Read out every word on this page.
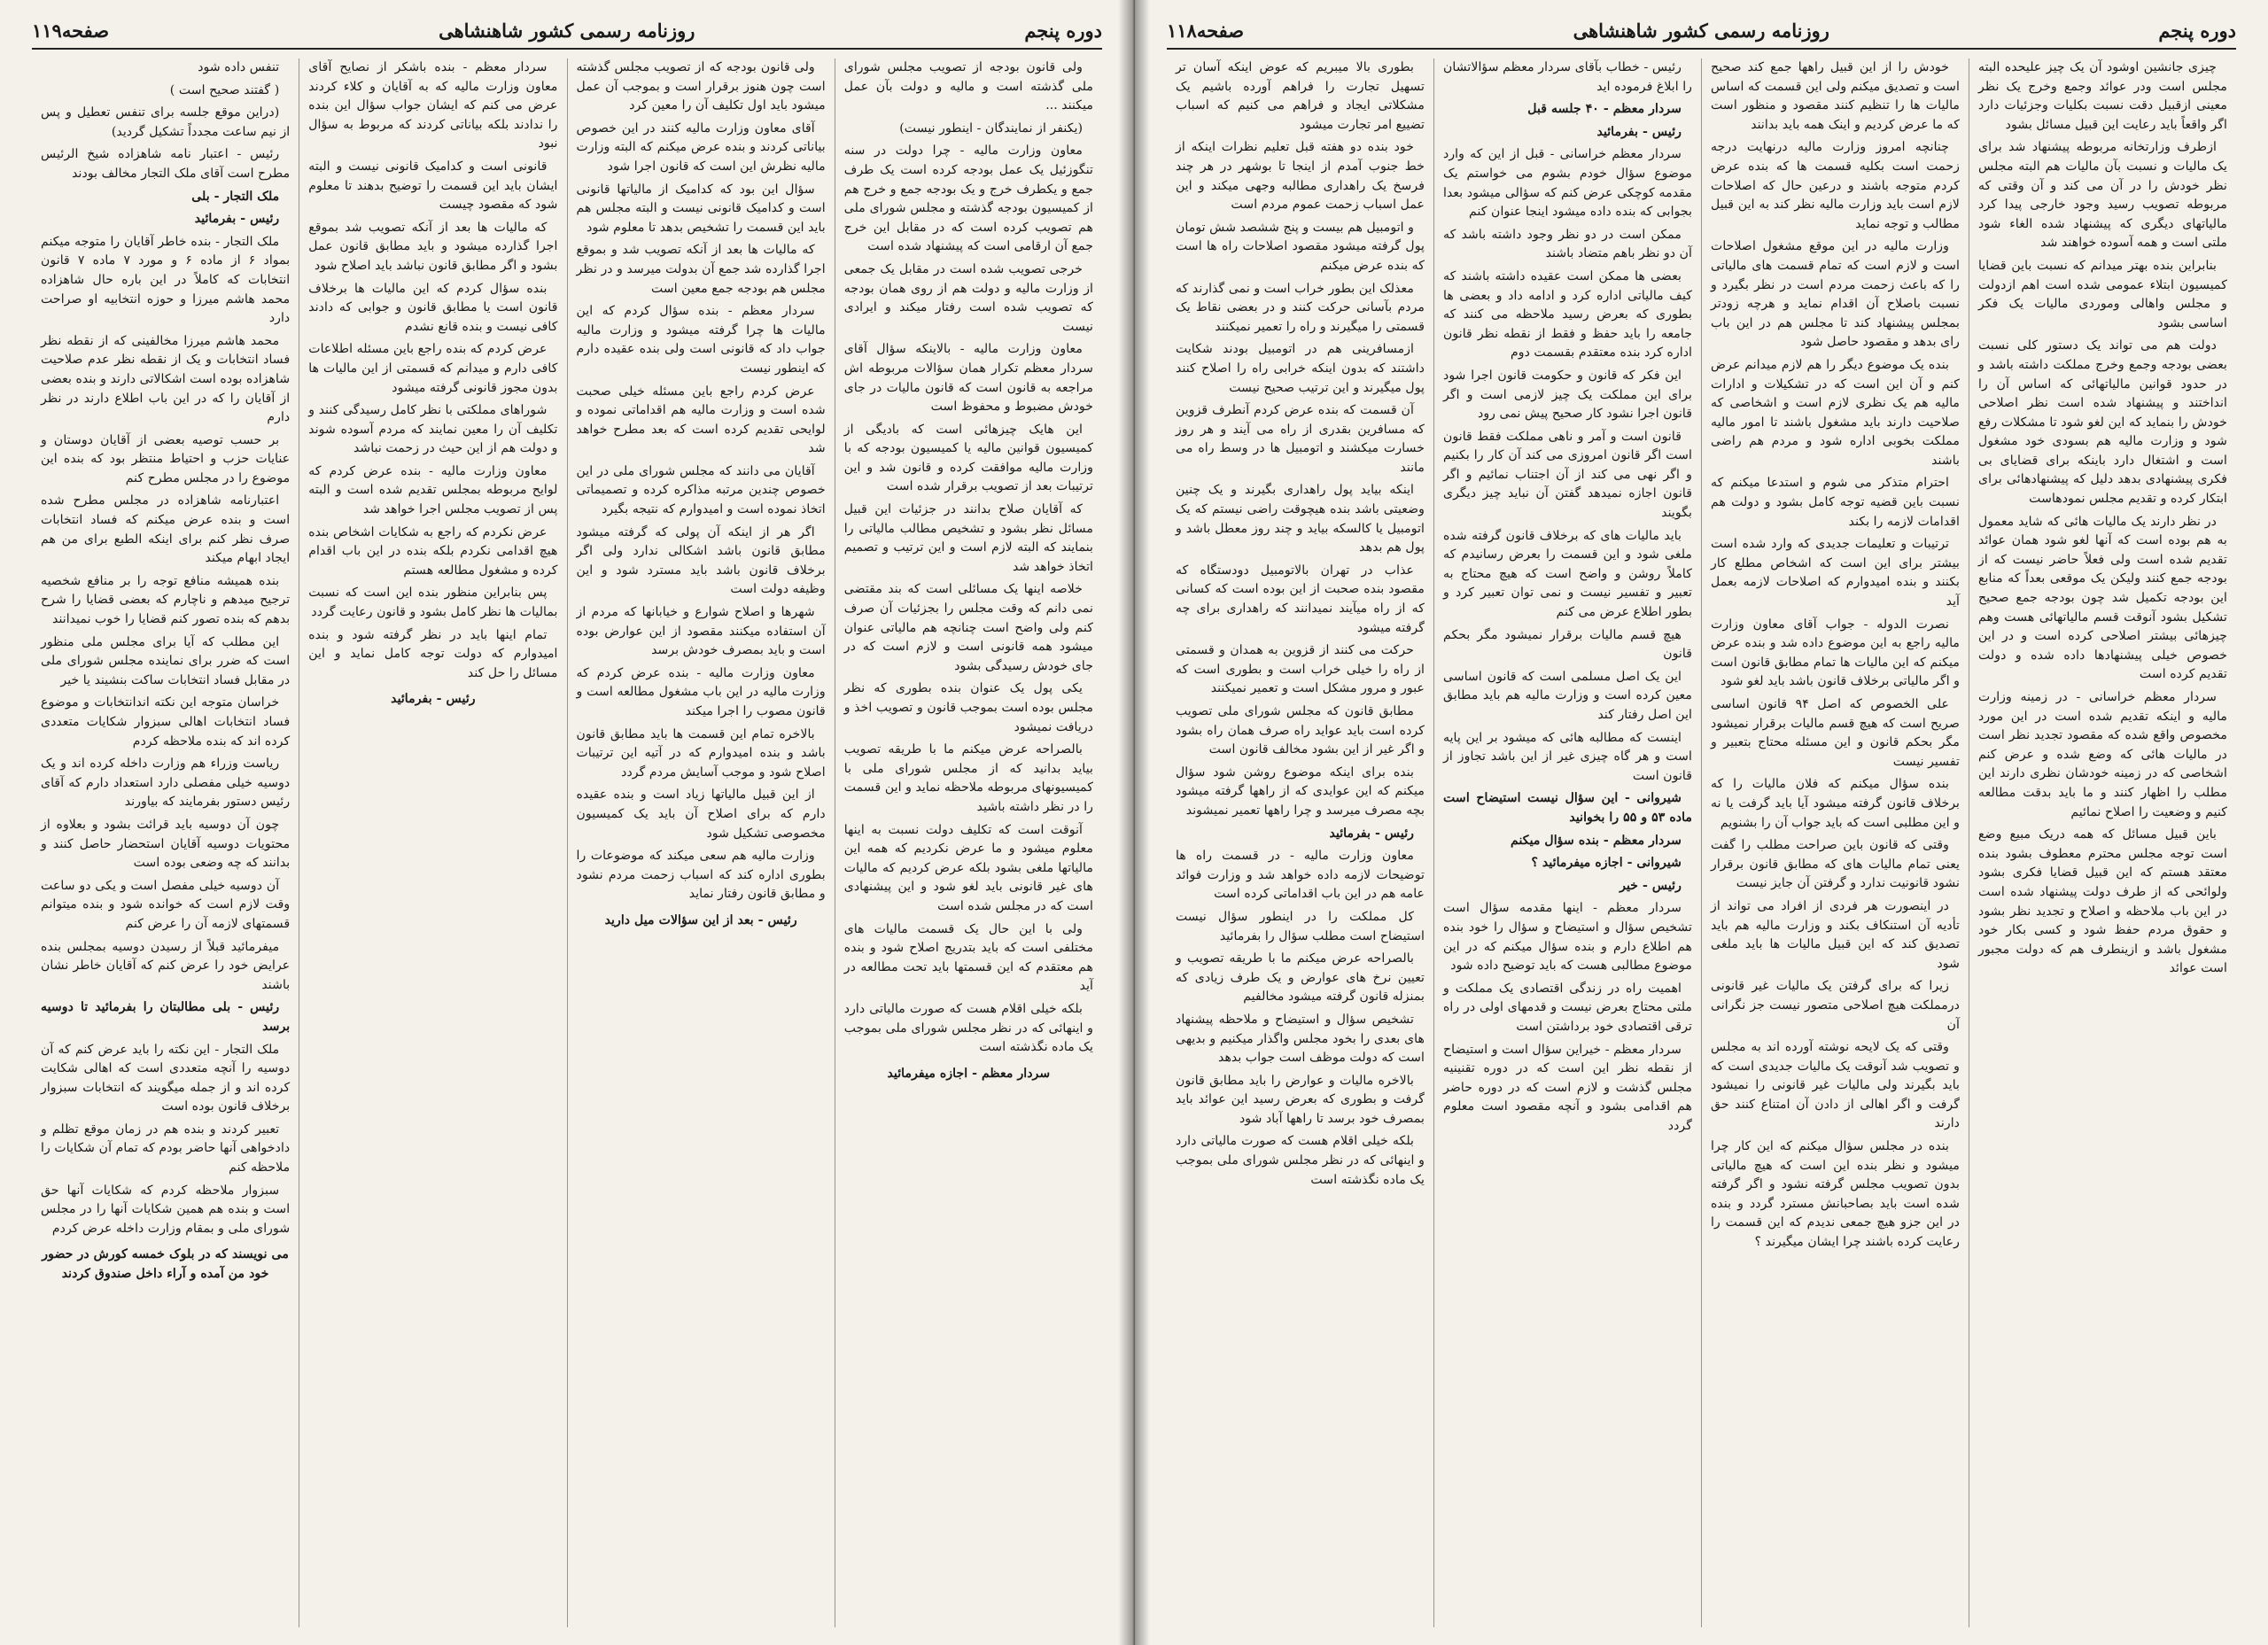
صفحه۱۱۸	روزنامه رسمی کشور شاهنشاهی	دوره پنجم

چیزی جانشین اوشود آن یک چیز علیحده البته مجلس است ودر عوائد وجمع وخرج یک نظر معینی ازقبیل دقت نسبت بکلیات وجزئیات دارد اگر واقعاً باید رعایت این قبیل مسائل بشود

ازطرف وزارتخانه مربوطه پیشنهاد شد برای یک مالیات و نسبت بآن مالیات هم البته مجلس نظر خودش را در آن می کند و آن وقتی که مربوطه تصویب رسید وجود خارجی پیدا کرد مالیاتهای دیگری که پیشنهاد شده الغاء شود ملتی است و همه آسوده خواهند شد

بنابراین بنده بهتر میدانم که نسبت باین قضایا کمیسیون ابتلاء عمومی شده است اهم ازدولت و مجلس واهالی وموردی مالیات یک فکر اساسی بشود

دولت هم می تواند یک دستور کلی نسبت بعضی بودجه وجمع وخرج مملکت داشته باشد و در حدود قوانین مالیاتهائی که اساس آن را انداختند و پیشنهاد شده است نظر اصلاحی خودش را بنماید که این لغو شود تا مشکلات رفع شود و وزارت مالیه هم بسودی خود مشغول است و اشتغال دارد باینکه برای قضایای بی فکری پیشنهادی بدهد دلیل که پیشنهادهائی برای ابتکار کرده و تقدیم مجلس نمودهاست

در نظر دارند یک مالیات هائی که شاید معمول به هم بوده است که آنها لغو شود همان عوائد تقدیم شده است ولی فعلاً حاضر نیست که از بودجه جمع کنند ولیکن یک موقعی بعداً که منابع این بودجه تکمیل شد چون بودجه جمع صحیح تشکیل بشود آنوقت قسم مالیاتهائی هست وهم چیزهائی بیشتر اصلاحی کرده است و در این خصوص خیلی پیشنهادها داده شده و دولت تقدیم کرده است

سردار معظم خراسانی - در زمینه وزارت مالیه و اینکه تقدیم شده است در این مورد مخصوص واقع شده که مقصود تجدید نظر است در مالیات هائی که وضع شده و عرض کنم اشخاصی که در زمینه خودشان نظری دارند این مطلب را اظهار کنند و ما باید بدقت مطالعه کنیم و وضعیت را اصلاح نمائیم

باین قبیل مسائل که همه دریک مبیع وضع است توجه مجلس محترم معطوف بشود بنده معتقد هستم که این قبیل قضایا فکری بشود ولوائحی که از طرف دولت پیشنهاد شده است در این باب ملاحظه و اصلاح و تجدید نظر بشود و حقوق مردم حفظ شود و کسی بکار خود مشغول باشد و ازینطرف هم که دولت مجبور است عوائد

خودش را از این قبیل راهها جمع کند صحیح است و تصدیق میکنم ولی این قسمت که اساس مالیات ها را تنظیم کنند مقصود و منظور است که ما عرض کردیم و اینک همه باید بدانند

چنانچه امروز وزارت مالیه درنهایت درجه زحمت است بکلیه قسمت ها که بنده عرض کردم متوجه باشند و درعین حال که اصلاحات لازم است باید وزارت مالیه نظر کند به این قبیل مطالب و توجه نماید

وزارت مالیه در این موقع مشغول اصلاحات است و لازم است که تمام قسمت های مالیاتی را که باعث زحمت مردم است در نظر بگیرد و نسبت باصلاح آن اقدام نماید و هرچه زودتر بمجلس پیشنهاد کند تا مجلس هم در این باب رای بدهد و مقصود حاصل شود

بنده یک موضوع دیگر را هم لازم میدانم عرض کنم و آن این است که در تشکیلات و ادارات مالیه هم یک نظری لازم است و اشخاصی که صلاحیت دارند باید مشغول باشند تا امور مالیه مملکت بخوبی اداره شود و مردم هم راضی باشند

احترام متذکر می شوم و استدعا میکنم که نسبت باین قضیه توجه کامل بشود و دولت هم اقدامات لازمه را بکند

ترتیبات و تعلیمات جدیدی که وارد شده است بیشتر برای این است که اشخاص مطلع کار بکنند و بنده امیدوارم که اصلاحات لازمه بعمل آید

نصرت الدوله - جواب آقای معاون وزارت مالیه راجع به این موضوع داده شد و بنده عرض میکنم که این مالیات ها تمام مطابق قانون است و اگر مالیاتی برخلاف قانون باشد باید لغو شود

علی الخصوص که اصل ۹۴ قانون اساسی صریح است که هیچ قسم مالیات برقرار نمیشود مگر بحکم قانون و این مسئله محتاج بتعبیر و تفسیر نیست

بنده سؤال میکنم که فلان مالیات را که برخلاف قانون گرفته میشود آیا باید گرفت یا نه و این مطلبی است که باید جواب آن را بشنویم

وقتی که قانون باین صراحت مطلب را گفت یعنی تمام مالیات های که مطابق قانون برقرار نشود قانونیت ندارد و گرفتن آن جایز نیست

در اینصورت هر فردی از افراد می تواند از تأدیه آن استنکاف بکند و وزارت مالیه هم باید تصدیق کند که این قبیل مالیات ها باید ملغی شود

زیرا که برای گرفتن یک مالیات غیر قانونی درمملکت هیچ اصلاحی متصور نیست جز نگرانی آن

وقتی که یک لایحه نوشته آورده اند به مجلس و تصویب شد آنوقت یک مالیات جدیدی است که باید بگیرند ولی مالیات غیر قانونی را نمیشود گرفت و اگر اهالی از دادن آن امتناع کنند حق دارند

بنده در مجلس سؤال میکنم که این کار چرا میشود و نظر بنده این است که هیچ مالیاتی بدون تصویب مجلس گرفته نشود و اگر گرفته شده است باید بصاحبانش مسترد گردد و بنده در این جزو هیچ جمعی ندیدم که این قسمت را رعایت کرده باشند چرا ایشان میگیرند ؟

رئیس - خطاب بآقای سردار معظم سؤالاتشان را ابلاغ فرموده اید

سردار معظم - ۴۰ جلسه قبل

رئیس - بفرمائید

سردار معظم خراسانی - قبل از این که وارد موضوع سؤال خودم بشوم می خواستم یک مقدمه کوچکی عرض کنم که سؤالی میشود بعدا بجوابی که بنده داده میشود اینجا عنوان کنم

ممکن است در دو نظر وجود داشته باشد که آن دو نظر باهم متضاد باشند

بعضی ها ممکن است عقیده داشته باشند که کیف مالیاتی اداره کرد و ادامه داد و بعضی ها بطوری که بعرض رسید ملاحظه می کنند که جامعه را باید حفظ و فقط از نقطه نظر قانون اداره کرد بنده معتقدم بقسمت دوم

این فکر که قانون و حکومت قانون اجرا شود برای این مملکت یک چیز لازمی است و اگر قانون اجرا نشود کار صحیح پیش نمی رود

قانون است و آمر و ناهی مملکت فقط قانون است اگر قانون امروزی می کند آن کار را بکنیم و اگر نهی می کند از آن اجتناب نمائیم و اگر قانون اجازه نمیدهد گفتن آن نباید چیز دیگری بگویند

باید مالیات های که برخلاف قانون گرفته شده ملغی شود و این قسمت را بعرض رسانیدم که کاملاً روشن و واضح است که هیچ محتاج به تعبیر و تفسیر نیست و نمی توان تعبیر کرد و بطور اطلاع عرض می کنم

هیچ قسم مالیات برقرار نمیشود مگر بحکم قانون

این یک اصل مسلمی است که قانون اساسی معین کرده است و وزارت مالیه هم باید مطابق این اصل رفتار کند

اینست که مطالبه هائی که میشود بر این پایه است و هر گاه چیزی غیر از این باشد تجاوز از قانون است

شیروانی - این سؤال نیست استیضاح است ماده ۵۳ و ۵۵ را بخوانید

سردار معظم - بنده سؤال میکنم

شیروانی - اجازه میفرمائید ؟

رئیس - خیر

سردار معظم - اینها مقدمه سؤال است تشخیص سؤال و استیضاح و سؤال را خود بنده هم اطلاع دارم و بنده سؤال میکنم که در این موضوع مطالبی هست که باید توضیح داده شود

اهمیت راه در زندگی اقتصادی یک مملکت و ملتی محتاج بعرض نیست و قدمهای اولی در راه ترقی اقتصادی خود برداشتن است

سردار معظم - خیراین سؤال است و استیضاح از نقطه نظر این است که در دوره تقنینیه مجلس گذشت و لازم است که در دوره حاضر هم اقدامی بشود و آنچه مقصود است معلوم گردد

بطوری بالا میبریم که عوض اینکه آسان تر تسهیل تجارت را فراهم آورده باشیم یک مشکلاتی ایجاد و فراهم می کنیم که اسباب تضییع امر تجارت میشود

خود بنده دو هفته قبل تعلیم نظرات اینکه از خط جنوب آمدم از اینجا تا بوشهر در هر چند فرسخ یک راهداری مطالبه وجهی میکند و این عمل اسباب زحمت عموم مردم است

و اتومبیل هم بیست و پنج ششصد شش تومان پول گرفته میشود مقصود اصلاحات راه ها است که بنده عرض میکنم

معذلک این بطور خراب است و نمی گذارند که مردم بآسانی حرکت کنند و در بعضی نقاط یک قسمتی را میگیرند و راه را تعمیر نمیکنند

ازمسافرینی هم در اتومبیل بودند شکایت داشتند که بدون اینکه خرابی راه را اصلاح کنند پول میگیرند و این ترتیب صحیح نیست

آن قسمت که بنده عرض کردم آنطرف قزوین که مسافرین بقدری از راه می آیند و هر روز خسارت میکشند و اتومبیل ها در وسط راه می مانند

اینکه بیاید پول راهداری بگیرند و یک چنین وضعیتی باشد بنده هیچوقت راضی نیستم که یک اتومبیل یا کالسکه بیاید و چند روز معطل باشد و پول هم بدهد

عذاب در تهران بالاتومبیل دودستگاه که مقصود بنده صحبت از این بوده است که کسانی که از راه میآیند نمیدانند که راهداری برای چه گرفته میشود

حرکت می کنند از قزوین به همدان و قسمتی از راه را خیلی خراب است و بطوری است که عبور و مرور مشکل است و تعمیر نمیکنند

مطابق قانون که مجلس شورای ملی تصویب کرده است باید عواید راه صرف همان راه بشود و اگر غیر از این بشود مخالف قانون است

بنده برای اینکه موضوع روشن شود سؤال میکنم که این عوایدی که از راهها گرفته میشود بچه مصرف میرسد و چرا راهها تعمیر نمیشوند

رئیس - بفرمائید

معاون وزارت مالیه - در قسمت راه ها توضیحات لازمه داده خواهد شد و وزارت فوائد عامه هم در این باب اقداماتی کرده است

کل مملکت را در اینطور سؤال نیست استیضاح است مطلب سؤال را بفرمائید

بالصراحه عرض میکنم ما با طریقه تصویب و تعیین نرخ های عوارض و یک طرف زیادی که بمنزله قانون گرفته میشود مخالفیم

تشخیص سؤال و استیضاح و ملاحظه پیشنهاد های بعدی را بخود مجلس واگذار میکنیم و بدیهی است که دولت موظف است جواب بدهد

بالاخره مالیات و عوارض را باید مطابق قانون گرفت و بطوری که بعرض رسید این عوائد باید بمصرف خود برسد تا راهها آباد شود

بلکه خیلی اقلام هست که صورت مالیاتی دارد و اینهائی که در نظر مجلس شورای ملی بموجب یک ماده نگذشته است

صفحه۱۱۹	روزنامه رسمی کشور شاهنشاهی	دوره پنجم

ولی قانون بودجه از تصویب مجلس شورای ملی گذشته است و مالیه و دولت بآن عمل میکنند ...

(یکنفر از نمایندگان - اینطور نیست)

معاون وزارت مالیه - چرا دولت در سنه تنگوزئیل یک عمل بودجه کرده است یک طرف جمع و یکطرف خرج و یک بودجه جمع و خرج هم از کمیسیون بودجه گذشته و مجلس شورای ملی هم تصویب کرده است که در مقابل این خرج جمع آن ارقامی است که پیشنهاد شده است

خرجی تصویب شده است در مقابل یک جمعی از وزارت مالیه و دولت هم از روی همان بودجه که تصویب شده است رفتار میکند و ایرادی نیست

معاون وزارت مالیه - بالاینکه سؤال آقای سردار معظم تکرار همان سؤالات مربوطه اش مراجعه به قانون است که قانون مالیات در جای خودش مضبوط و محفوظ است

این هایک چیزهائی است که بادیگی از کمیسیون قوانین مالیه یا کمیسیون بودجه که با وزارت مالیه موافقت کرده و قانون شد و این ترتیبات بعد از تصویب برقرار شده است

که آقایان صلاح بدانند در جزئیات این قبیل مسائل نظر بشود و تشخیص مطالب مالیاتی را بنمایند که البته لازم است و این ترتیب و تصمیم اتخاذ خواهد شد

خلاصه اینها یک مسائلی است که بند مقتضی نمی دانم که وقت مجلس را بجزئیات آن صرف کنم ولی واضح است چنانچه هم مالیاتی عنوان میشود همه قانونی است و لازم است که در جای خودش رسیدگی بشود

یکی پول یک عنوان بنده بطوری که نظر مجلس بوده است بموجب قانون و تصویب اخذ و دریافت نمیشود

بالصراحه عرض میکنم ما با طریقه تصویب بیاید بدانید که از مجلس شورای ملی با کمیسیونهای مربوطه ملاحظه نماید و این قسمت را در نظر داشته باشید

آنوقت است که تکلیف دولت نسبت به اینها معلوم میشود و ما عرض نکردیم که همه این مالیاتها ملغی بشود بلکه عرض کردیم که مالیات های غیر قانونی باید لغو شود و این پیشنهادی است که در مجلس شده است

ولی با این حال یک قسمت مالیات های مختلفی است که باید بتدریج اصلاح شود و بنده هم معتقدم که این قسمتها باید تحت مطالعه در آید

بلکه خیلی اقلام هست که صورت مالیاتی دارد و اینهائی که در نظر مجلس شورای ملی بموجب یک ماده نگذشته است

سردار معظم - اجازه میفرمائید

ولی قانون بودجه که از تصویب مجلس گذشته است چون هنوز برقرار است و بموجب آن عمل میشود باید اول تکلیف آن را معین کرد

آقای معاون وزارت مالیه کنند در این خصوص بیاناتی کردند و بنده عرض میکنم که البته وزارت مالیه نظرش این است که قانون اجرا شود

سؤال این بود که کدامیک از مالیاتها قانونی است و کدامیک قانونی نیست و البته مجلس هم باید این قسمت را تشخیص بدهد تا معلوم شود

که مالیات ها بعد از آنکه تصویب شد و بموقع اجرا گذارده شد جمع آن بدولت میرسد و در نظر مجلس هم بودجه جمع معین است

سردار معظم - بنده سؤال کردم که این مالیات ها چرا گرفته میشود و وزارت مالیه جواب داد که قانونی است ولی بنده عقیده دارم که اینطور نیست

عرض کردم راجع باین مسئله خیلی صحبت شده است و وزارت مالیه هم اقداماتی نموده و لوایحی تقدیم کرده است که بعد مطرح خواهد شد

آقایان می دانند که مجلس شورای ملی در این خصوص چندین مرتبه مذاکره کرده و تصمیماتی اتخاذ نموده است و امیدوارم که نتیجه بگیرد

اگر هر از اینکه آن پولی که گرفته میشود مطابق قانون باشد اشکالی ندارد ولی اگر برخلاف قانون باشد باید مسترد شود و این وظیفه دولت است

شهرها و اصلاح شوارع و خیابانها که مردم از آن استفاده میکنند مقصود از این عوارض بوده است و باید بمصرف خودش برسد

معاون وزارت مالیه - بنده عرض کردم که وزارت مالیه در این باب مشغول مطالعه است و قانون مصوب را اجرا میکند

بالاخره تمام این قسمت ها باید مطابق قانون باشد و بنده امیدوارم که در آتیه این ترتیبات اصلاح شود و موجب آسایش مردم گردد

از این قبیل مالیاتها زیاد است و بنده عقیده دارم که برای اصلاح آن باید یک کمیسیون مخصوصی تشکیل شود

وزارت مالیه هم سعی میکند که موضوعات را بطوری اداره کند که اسباب زحمت مردم نشود و مطابق قانون رفتار نماید

رئیس - بعد از این سؤالات میل دارید

سردار معظم - بنده باشکر از نصایح آقای معاون وزارت مالیه که به آقایان و کلاء کردند عرض می کنم که ایشان جواب سؤال این بنده را ندادند بلکه بیاناتی کردند که مربوط به سؤال نبود

قانونی است و کدامیک قانونی نیست و البته ایشان باید این قسمت را توضیح بدهند تا معلوم شود که مقصود چیست

که مالیات ها بعد از آنکه تصویب شد بموقع اجرا گذارده میشود و باید مطابق قانون عمل بشود و اگر مطابق قانون نباشد باید اصلاح شود

بنده سؤال کردم که این مالیات ها برخلاف قانون است یا مطابق قانون و جوابی که دادند کافی نیست و بنده قانع نشدم

عرض کردم که بنده راجع باین مسئله اطلاعات کافی دارم و میدانم که قسمتی از این مالیات ها بدون مجوز قانونی گرفته میشود

شوراهای مملکتی با نظر کامل رسیدگی کنند و تکلیف آن را معین نمایند که مردم آسوده شوند و دولت هم از این حیث در زحمت نباشد

معاون وزارت مالیه - بنده عرض کردم که لوایح مربوطه بمجلس تقدیم شده است و البته پس از تصویب مجلس اجرا خواهد شد

عرض نکردم که راجع به شکایات اشخاص بنده هیچ اقدامی نکردم بلکه بنده در این باب اقدام کرده و مشغول مطالعه هستم

پس بنابراین منظور بنده این است که نسبت بمالیات ها نظر کامل بشود و قانون رعایت گردد

تمام اینها باید در نظر گرفته شود و بنده امیدوارم که دولت توجه کامل نماید و این مسائل را حل کند

رئیس - بفرمائید

تنفس داده شود

( گفتند صحیح است )

(دراین موقع جلسه برای تنفس تعطیل و پس از نیم ساعت مجدداً تشکیل گردید)

رئیس - اعتبار نامه شاهزاده شیخ الرئیس مطرح است آقای ملک التجار مخالف بودند

ملک التجار - بلی

رئیس - بفرمائید

ملک التجار - بنده خاطر آقایان را متوجه میکنم بمواد ۶ از ماده ۶ و مورد ۷ ماده ۷ قانون انتخابات که کاملاً در این باره حال شاهزاده محمد هاشم میرزا و حوزه انتخابیه او صراحت دارد

محمد هاشم میرزا مخالفینی که از نقطه نظر فساد انتخابات و یک از نقطه نظر عدم صلاحیت شاهزاده بوده است اشکالاتی دارند و بنده بعضی از آقایان را که در این باب اطلاع دارند در نظر دارم

بر حسب توصیه بعضی از آقایان دوستان و عنایات حزب و احتیاط منتظر بود که بنده این موضوع را در مجلس مطرح کنم

اعتبارنامه شاهزاده در مجلس مطرح شده است و بنده عرض میکنم که فساد انتخابات صرف نظر کنم برای اینکه الطبع برای من هم ایجاد ابهام میکند

بنده همیشه منافع توجه را بر منافع شخصیه ترجیح میدهم و ناچارم که بعضی قضایا را شرح بدهم که بنده تصور کنم قضایا را خوب نمیدانند

این مطلب که آیا برای مجلس ملی منظور است که ضرر برای نماینده مجلس شورای ملی در مقابل فساد انتخابات ساکت بنشیند یا خیر

خراسان متوجه این نکته اندانتخابات و موضوع فساد انتخابات اهالی سبزوار شکایات متعددی کرده اند که بنده ملاحظه کردم

ریاست وزراء هم وزارت داخله کرده اند و یک دوسیه خیلی مفصلی دارد استعداد دارم که آقای رئیس دستور بفرمایند که بیاورند

چون آن دوسیه باید قرائت بشود و بعلاوه از محتویات دوسیه آقایان استحضار حاصل کنند و بدانند که چه وضعی بوده است

آن دوسیه خیلی مفصل است و یکی دو ساعت وقت لازم است که خوانده شود و بنده میتوانم قسمتهای لازمه آن را عرض کنم

میفرمائید قبلاً از رسیدن دوسیه بمجلس بنده عرایض خود را عرض کنم که آقایان خاطر نشان باشند

رئیس - بلی مطالبتان را بفرمائید تا دوسیه برسد

ملک التجار - این نکته را باید عرض کنم که آن دوسیه را آنچه متعددی است که اهالی شکایت کرده اند و از جمله میگویند که انتخابات سبزوار برخلاف قانون بوده است

تعبیر کردند و بنده هم در زمان موقع تظلم و دادخواهی آنها حاضر بودم که تمام آن شکایات را ملاحظه کنم

سبزوار ملاحظه کردم که شکایات آنها حق است و بنده هم همین شکایات آنها را در مجلس شورای ملی و بمقام وزارت داخله عرض کردم

می نویسند که در بلوک خمسه کورش در حضور خود من آمده و آراء داخل صندوق کردند
